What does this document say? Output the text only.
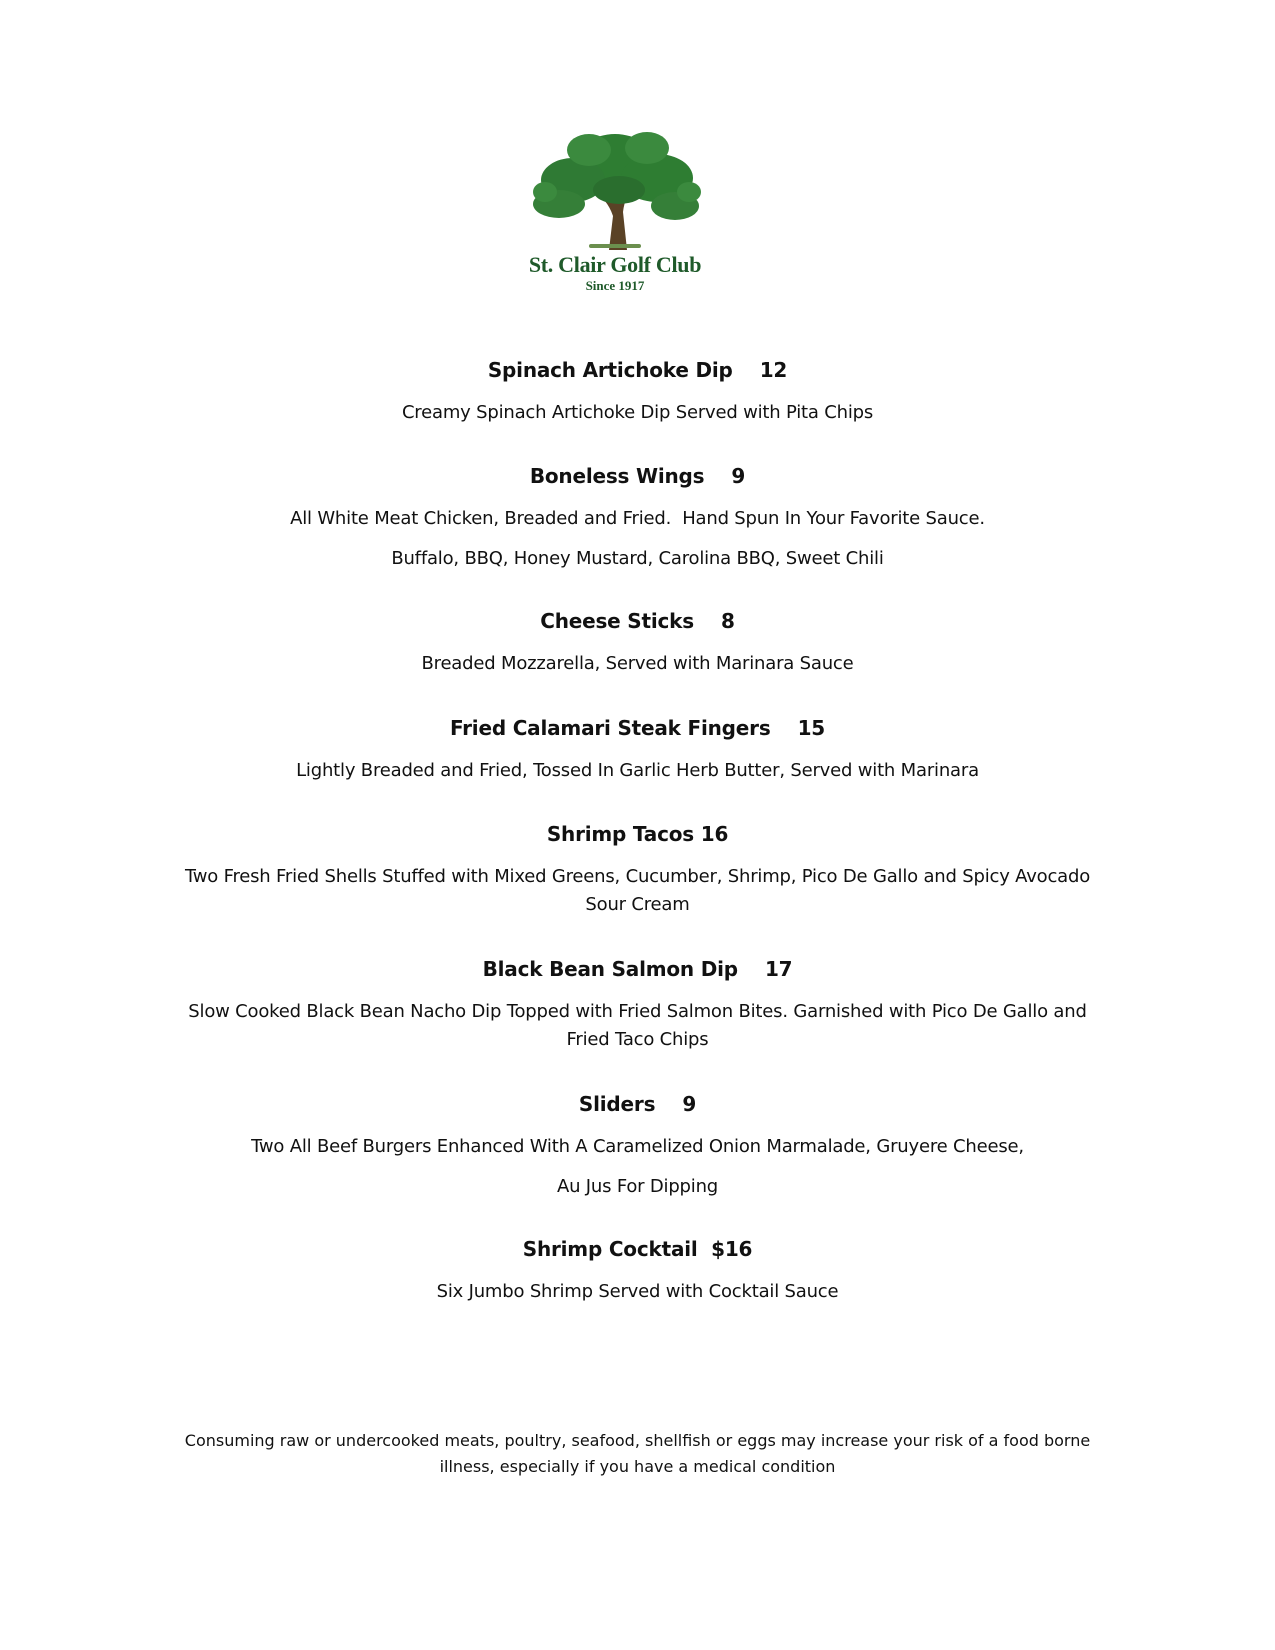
St. Clair Golf Club
Since 1917
Spinach Artichoke Dip    12
Creamy Spinach Artichoke Dip Served with Pita Chips
Boneless Wings    9
All White Meat Chicken, Breaded and Fried.  Hand Spun In Your Favorite Sauce.
Buffalo, BBQ, Honey Mustard, Carolina BBQ, Sweet Chili
Cheese Sticks    8
Breaded Mozzarella, Served with Marinara Sauce
Fried Calamari Steak Fingers    15
Lightly Breaded and Fried, Tossed In Garlic Herb Butter, Served with Marinara
Shrimp Tacos 16
Two Fresh Fried Shells Stuffed with Mixed Greens, Cucumber, Shrimp, Pico De Gallo and Spicy Avocado
Sour Cream
Black Bean Salmon Dip    17
Slow Cooked Black Bean Nacho Dip Topped with Fried Salmon Bites. Garnished with Pico De Gallo and
Fried Taco Chips
Sliders    9
Two All Beef Burgers Enhanced With A Caramelized Onion Marmalade, Gruyere Cheese,
Au Jus For Dipping
Shrimp Cocktail  $16
Six Jumbo Shrimp Served with Cocktail Sauce
Consuming raw or undercooked meats, poultry, seafood, shellfish or eggs may increase your risk of a food borne
illness, especially if you have a medical condition
